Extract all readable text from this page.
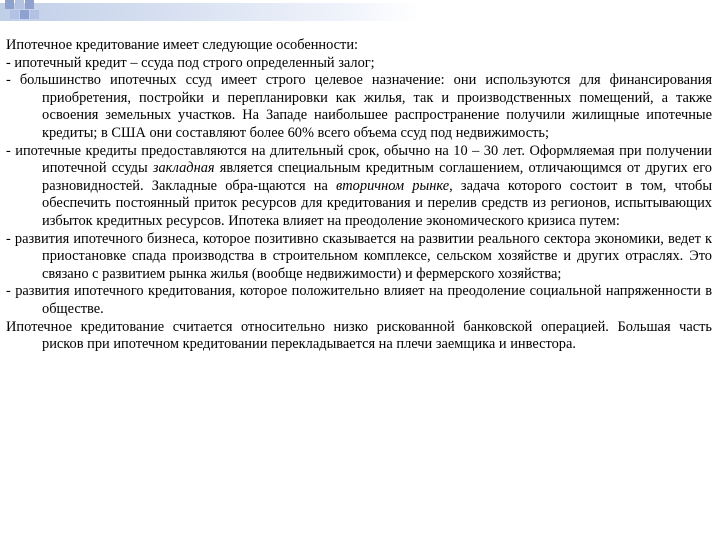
Ипотечное кредитование имеет следующие особенности:

- ипотечный кредит – ссуда под строго определенный залог;

- большинство ипотечных ссуд имеет строго целевое назначение: они используются для финансирования приобретения, постройки и перепланировки как жилья, так и производственных помещений, а также освоения земельных участков. На Западе наибольшее распространение получили жилищные ипотечные кредиты; в США они составляют более 60% всего объема ссуд под недвижимость;

- ипотечные кредиты предоставляются на длительный срок, обычно на 10 – 30 лет. Оформляемая при получении ипотечной ссуды закладная является специальным кредитным соглашением, отличающимся от других его разновидностей. Закладные обра-щаются на вторичном рынке, задача которого состоит в том, чтобы обеспечить постоянный приток ресурсов для кредитования и перелив средств из регионов, испытывающих избыток кредитных ресурсов. Ипотека влияет на преодоление экономического кризиса путем:

- развития ипотечного бизнеса, которое позитивно сказывается на развитии реального сектора экономики, ведет к приостановке спада производства в строительном комплексе, сельском хозяйстве и других отраслях. Это связано с развитием рынка жилья (вообще недвижимости) и фермерского хозяйства;

- развития ипотечного кредитования, которое положительно влияет на преодоление социальной напряженности в обществе.

Ипотечное кредитование считается относительно низко рискованной банковской операцией. Большая часть рисков при ипотечном кредитовании перекладывается на плечи заемщика и инвестора.
